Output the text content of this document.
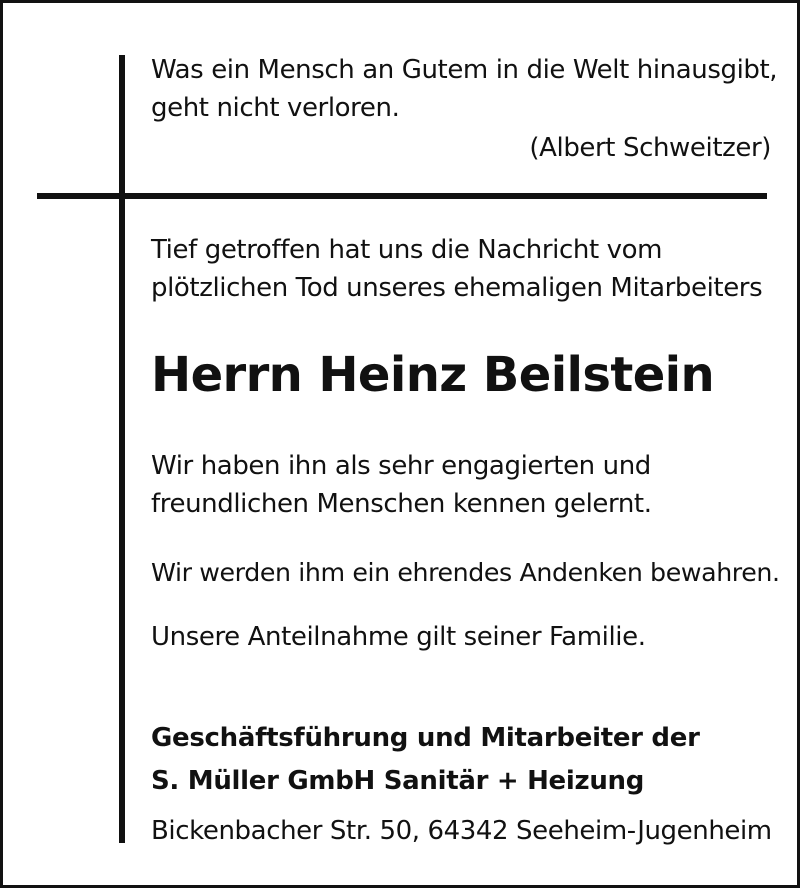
Was ein Mensch an Gutem in die Welt hinausgibt,

geht nicht verloren.

(Albert Schweitzer)

Tief getroffen hat uns die Nachricht vom

plötzlichen Tod unseres ehemaligen Mitarbeiters

Herrn Heinz Beilstein

Wir haben ihn als sehr engagierten und

freundlichen Menschen kennen gelernt.

Wir werden ihm ein ehrendes Andenken bewahren.

Unsere Anteilnahme gilt seiner Familie.

Geschäftsführung und Mitarbeiter der

S. Müller GmbH Sanitär + Heizung

Bickenbacher Str. 50, 64342 Seeheim-Jugenheim
